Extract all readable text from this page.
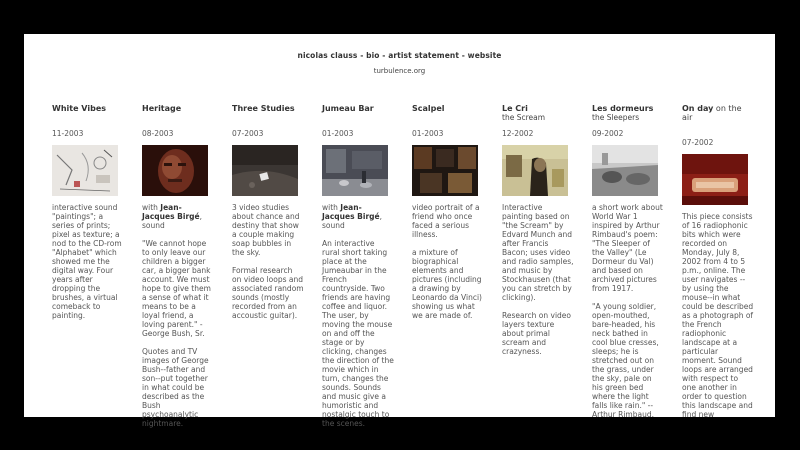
nicolas clauss - bio - artist statement - website
turbulence.org
White Vibes
11-2003

interactive sound "paintings"; a series of prints; pixel as texture; a nod to the CD-rom "Alphabet" which showed me the digital way. Four years after dropping the brushes, a virtual comeback to painting.

Heritage
08-2003

with Jean-Jacques Birgé, sound

"We cannot hope to only leave our children a bigger car, a bigger bank account. We must hope to give them a sense of what it means to be a loyal friend, a loving parent." -George Bush, Sr.

Quotes and TV images of George Bush--father and son--put together in what could be described as the Bush psychoanalytic nightmare.

Three Studies
07-2003

3 video studies about chance and destiny that show a couple making soap bubbles in the sky.

Formal research on video loops and associated random sounds (mostly recorded from an accoustic guitar).

Jumeau Bar
01-2003

with Jean-Jacques Birgé, sound

An interactive rural short taking place at the Jumeaubar in the French countryside. Two friends are having coffee and liquor. The user, by moving the mouse on and off the stage or by clicking, changes the direction of the movie which in turn, changes the sounds. Sounds and music give a humoristic and nostalgic touch to the scenes.

Scalpel
01-2003

video portrait of a friend who once faced a serious illness.

a mixture of biographical elements and pictures (including a drawing by Leonardo da Vinci) showing us what we are made of.

Le Cri
the Scream
12-2002

Interactive painting based on "the Scream" by Edvard Munch and after Francis Bacon; uses video and radio samples, and music by Stockhausen (that you can stretch by clicking).

Research on video layers texture about primal scream and crazyness.

Les dormeurs
the Sleepers
09-2002

a short work about World War 1 inspired by Arthur Rimbaud's poem: "The Sleeper of the Valley" (Le Dormeur du Val) and based on archived pictures from 1917.

"A young soldier, open-mouthed, bare-headed, his neck bathed in cool blue cresses, sleeps; he is stretched out on the grass, under the sky, pale on his green bed where the light falls like rain." --Arthur Rimbaud.

On day on the air
07-2002

This piece consists of 16 radiophonic bits which were recorded on Monday, July 8, 2002 from 4 to 5 p.m., online. The user navigates --by using the mouse--in what could be described as a photograph of the French radiophonic landscape at a particular moment. Sound loops are arranged with respect to one another in order to question this landscape and find new
